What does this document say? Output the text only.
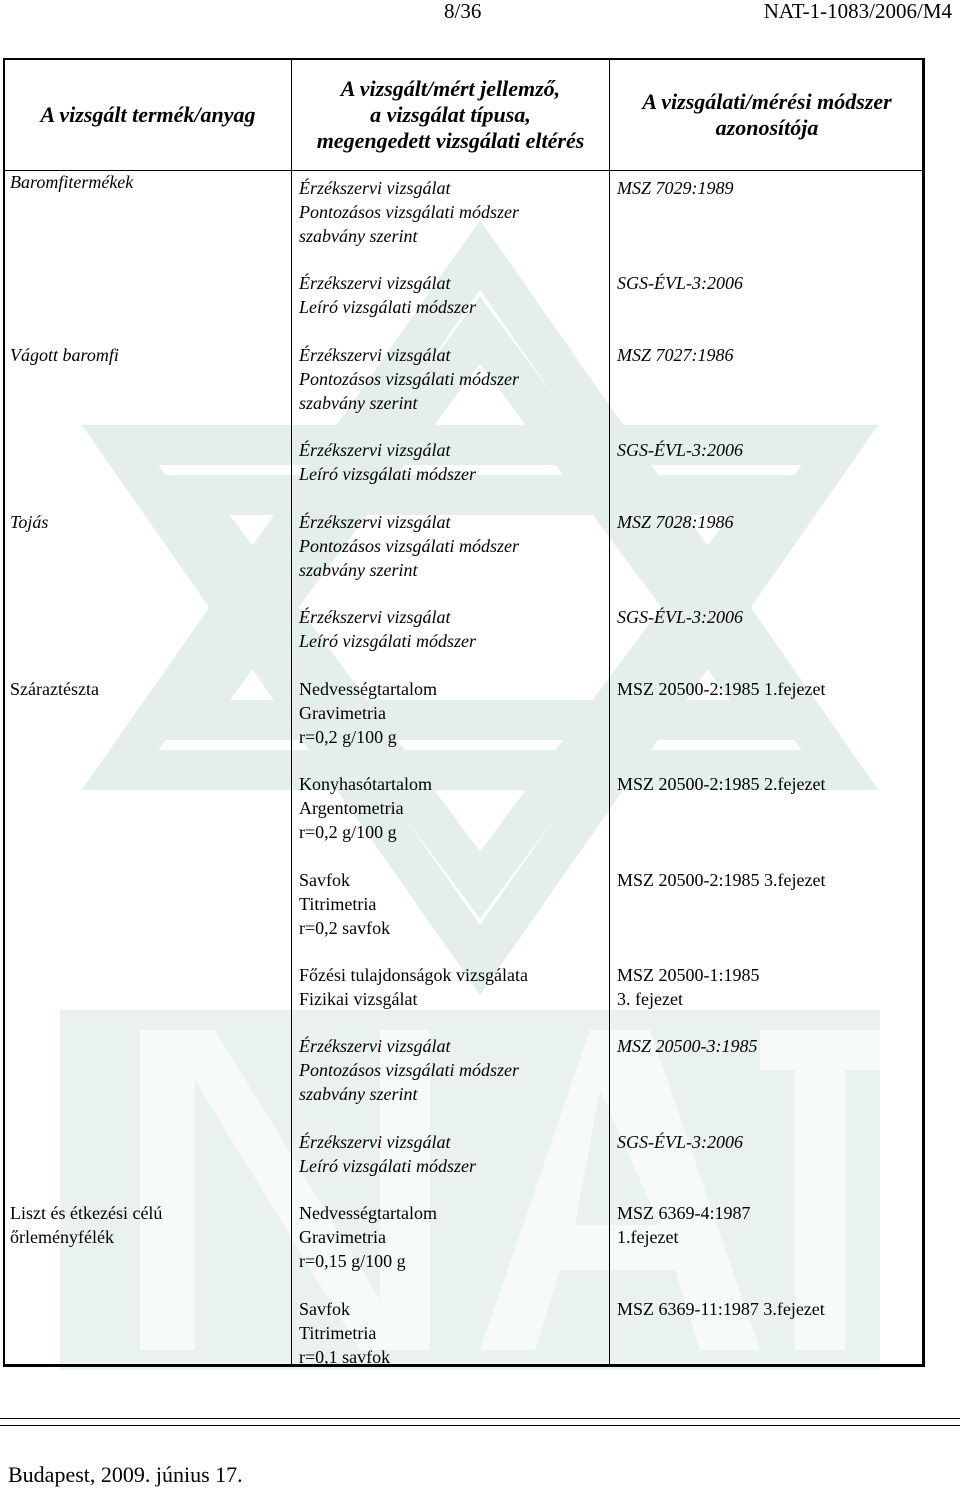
8/36	NAT-1-1083/2006/M4
A vizsgált termék/anyag
A vizsgált/mért jellemző,
a vizsgálat típusa,
megengedett vizsgálati eltérés
A vizsgálati/mérési módszer
azonosítója
Baromfitermékek
Vágott baromfi
Tojás
Száraztészta
Liszt és étkezési célú
őrleményfélék
Érzékszervi vizsgálat
Pontozásos vizsgálati módszer
szabvány szerint
Érzékszervi vizsgálat
Leíró vizsgálati módszer
Érzékszervi vizsgálat
Pontozásos vizsgálati módszer
szabvány szerint
Érzékszervi vizsgálat
Leíró vizsgálati módszer
Érzékszervi vizsgálat
Pontozásos vizsgálati módszer
szabvány szerint
Érzékszervi vizsgálat
Leíró vizsgálati módszer
Nedvességtartalom
Gravimetria
r=0,2 g/100 g
Konyhasótartalom
Argentometria
r=0,2 g/100 g
Savfok
Titrimetria
r=0,2 savfok
Főzési tulajdonságok vizsgálata
Fizikai vizsgálat
Érzékszervi vizsgálat
Pontozásos vizsgálati módszer
szabvány szerint
Érzékszervi vizsgálat
Leíró vizsgálati módszer
Nedvességtartalom
Gravimetria
r=0,15 g/100 g
Savfok
Titrimetria
r=0,1 savfok
MSZ 7029:1989
SGS-ÉVL-3:2006
MSZ 7027:1986
SGS-ÉVL-3:2006
MSZ 7028:1986
SGS-ÉVL-3:2006
MSZ 20500-2:1985 1.fejezet
MSZ 20500-2:1985 2.fejezet
MSZ 20500-2:1985 3.fejezet
MSZ 20500-1:1985
3. fejezet
MSZ 20500-3:1985
SGS-ÉVL-3:2006
MSZ 6369-4:1987
1.fejezet
MSZ 6369-11:1987 3.fejezet
Budapest, 2009. június 17.
